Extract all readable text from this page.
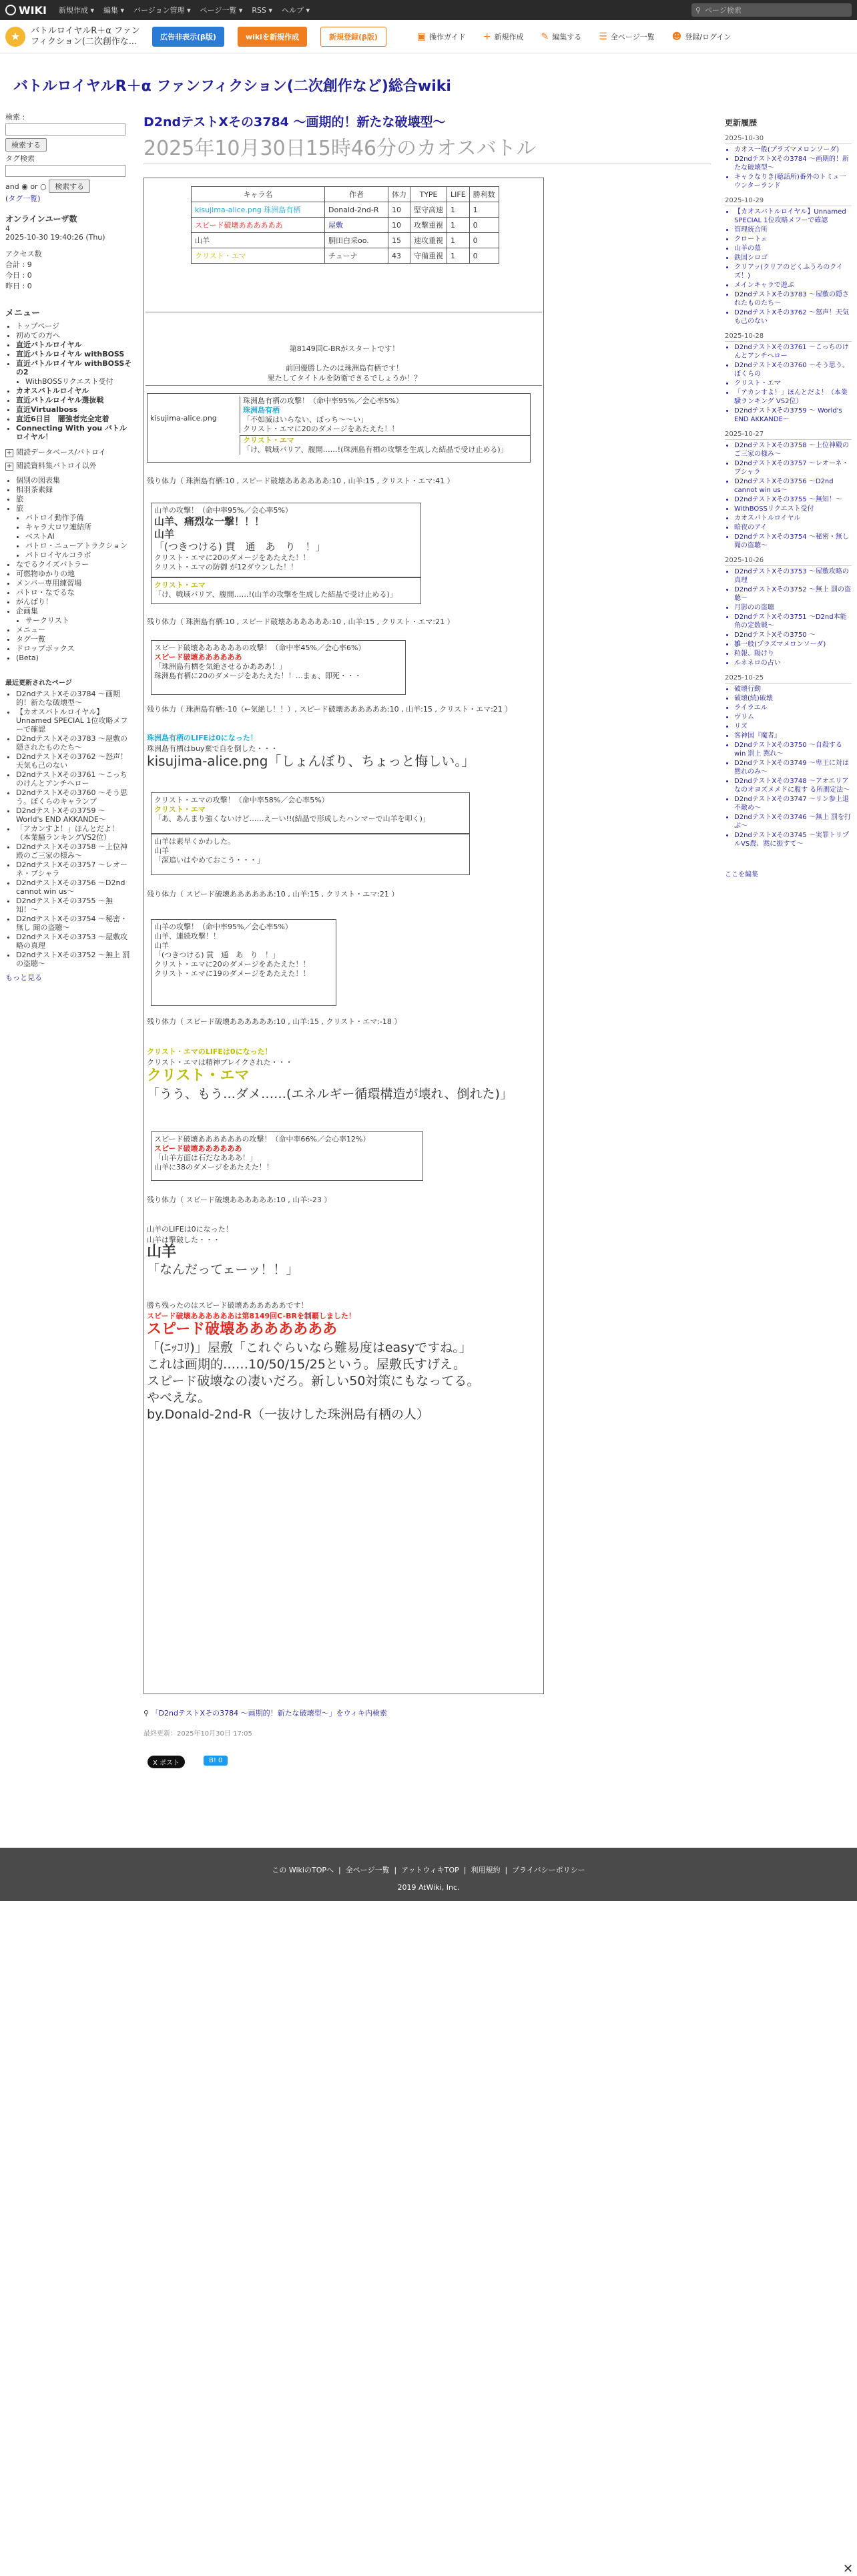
WIKI 新規作成 ▾ 編集 ▾ バージョン管理 ▾ ページ一覧 ▾ RSS ▾ ヘルプ ▾	⚲ ページ検索
★	バトルロイヤルR＋α ファンフィクション(二次創作な...	広告非表示(β版)	wikiを新規作成	新規登録(β版)	▣ 操作ガイド + 新規作成 ✎ 編集する ☰ 全ページ一覧 ☻ 登録/ログイン
バトルロイヤルR＋α ファンフィクション(二次創作など)総合wiki
検索 :
検索する
タグ検索
and ◉ or ○ 検索する
(タグ一覧)
オンラインユーザ数
4
2025-10-30 19:40:26 (Thu)
アクセス数
合計 : 9
今日 : 0
昨日 : 0
メニュー
• トップページ
• 初めての方へ
• 直近バトルロイヤル
• 直近バトルロイヤル withBOSS
• 直近バトルロイヤル withBOSSその2
• WithBOSSリクエスト受付
• カオスバトルロイヤル
• 直近バトルロイヤル選抜戦
• 直近Virtualboss
• 直近6日目　闇強者完全定着
• Connecting With you バトルロイヤル！
+ 閲読データベース/バトロイ
+ 閲読資料集バトロイ以外
• 個別の図表集
• 相羽茶素録
• 旅
• 旅
• バトロイ動作予備
• キャラ大ロワ連結所
• ベストAI
• パトロ・ニューアトラクション
• パトロイヤルコラボ
• なでるクイズバトラー
• 可燃物ゆかりの地
• メンバー専用練習場
• パトロ・なでるな
• がんばり！
• 企画集
• サークリスト
• メニュー
• タグ一覧
• ドロップボックス
• (Beta)
最近更新されたページ
• D2ndテストXその3784 〜画期的！新たな破壊型〜
• 【カオスバトルロイヤル】Unnamed SPECIAL 1位攻略メフーで確認
• D2ndテストXその3783 〜屋敷の隠されたものたち〜
• D2ndテストXその3762 〜怒声！天気も己のない
• D2ndテストXその3761 〜こっちのけんとアンチヘロー
• D2ndテストXその3760 〜そう思う。ぼくらのキャランプ
• D2ndテストXその3759 〜 World's END AKKANDE〜
• 「アカンすよ！」ほんとだよ！（本業騒ランキングVS2位）
• D2ndテストXその3758 〜上位神殿のご三家の様み〜
• D2ndテストXその3757 〜レオーネ・ブシャラ
• D2ndテストXその3756 〜D2nd cannot win us〜
• D2ndテストXその3755 〜無知！〜
• D2ndテストXその3754 〜秘密・無し 聞の盗聴〜
• D2ndテストXその3753 〜屋敷攻略の真理
• D2ndテストXその3752 〜無上 罰の盗聴〜
もっと見る
D2ndテストXその3784 〜画期的！新たな破壊型〜
2025年10月30日15時46分のカオスバトル
キャラ名	作者	体力	TYPE	LIFE	勝利数
kisujima-alice.png 珠洲島有栖	Donald-2nd-R	10	堅守高速	1	1
スピード破壊ああああああ	屋敷	10	攻撃重視	1	0
山羊	胴田白采oo.	15	速攻重視	1	0
クリスト・エマ	チューナ	43	守備重視	1	0
第8149回C-BRがスタートです！
前回優勝したのは珠洲島有栖です！
果たしてタイトルを防衛できるでしょうか！？
kisujima-alice.png
珠洲島有栖の攻撃！（命中率95%／会心率5%）
珠洲島有栖
「不如滅はいらない、ぼっち～～い」
クリスト・エマに20のダメージをあたえた！！
クリスト・エマ
「け、戦域バリア、腹開……!(珠洲島有栖の攻撃を生成した結晶で受け止める)」
残り体力（ 珠洲島有栖:10 , スピード破壊ああああああ:10 , 山羊:15 , クリスト・エマ:41 ）
山羊の攻撃！（命中率95%／会心率5%）
山羊、痛烈な一撃！！！
山羊
「(つきつける) 貫　通　あ　り　！」
クリスト・エマに20のダメージをあたえた！！
クリスト・エマの防御 が12ダウンした！！
クリスト・エマ
「け、戦域バリア、腹開……!(山羊の攻撃を生成した結晶で受け止める)」
残り体力（ 珠洲島有栖:10 , スピード破壊ああああああ:10 , 山羊:15 , クリスト・エマ:21 ）
スピード破壊ああああああの攻撃！（命中率45%／会心率6%）
スピード破壊ああああああ
「珠洲島有栖を気絶させるかあああ！」
珠洲島有栖に20のダメージをあたえた！！…まぁ、即死・・・
残り体力（ 珠洲島有栖:-10（←気絶し！！）, スピード破壊ああああああ:10 , 山羊:15 , クリスト・エマ:21 ）
珠洲島有栖のLIFEは0になった！
珠洲島有栖はbuy棄で自を倒した・・・
kisujima-alice.png「しょんぼり、ちょっと悔しい。」
クリスト・エマの攻撃！（命中率58%／会心率5%）
クリスト・エマ
「あ、あんまり強くないけど……えーい!!(結晶で形成したハンマーで山羊を叩く)」
山羊は素早くかわした。
山羊
「深追いはやめておこう・・・」
残り体力（ スピード破壊ああああああ:10 , 山羊:15 , クリスト・エマ:21 ）
山羊の攻撃！（命中率95%／会心率5%）
山羊、連続攻撃！！
山羊
「(つきつける) 貫　通　あ　り　！」
クリスト・エマに20のダメージをあたえた！！
クリスト・エマに19のダメージをあたえた！！
残り体力（ スピード破壊ああああああ:10 , 山羊:15 , クリスト・エマ:-18 ）
クリスト・エマのLIFEは0になった！
クリスト・エマは精神ブレイクされた・・・
クリスト・エマ
「うう、もう…ダメ……(エネルギー循環構造が壊れ、倒れた)」
スピード破壊ああああああの攻撃！（命中率66%／会心率12%）
スピード破壊ああああああ
「山羊方面は石だなあああ！」
山羊に38のダメージをあたえた！！
残り体力（ スピード破壊ああああああ:10 , 山羊:-23 ）
山羊のLIFEは0になった！
山羊は撃破した・・・
山羊
「なんだってェーッ！！」
勝ち残ったのはスピード破壊ああああああです！
スピード破壊ああああああは第8149回C-BRを制覇しました！
スピード破壊あああああああ
「(ﾆｯｺﾘ)」屋敷「これぐらいなら難易度はeasyですね。」
これは画期的……10/50/15/25という。屋敷氏すげえ。
スピード破壊なの凄いだろ。新しい50対策にもなってる。
やべえな。
by.Donald-2nd-R（一抜けした珠洲島有栖の人）
⚲ 「D2ndテストXその3784 〜画期的！新たな破壊型〜」をウィキ内検索
最終更新：2025年10月30日 17:05
X ポスト	B! 0
更新履歴
2025-10-30
• カオス一般(プラズマメロンソーダ)
• D2ndテストXその3784 〜画期的！新たな破壊型〜
• キャラなりき(聴話所)番外のトミュ一ウンターランド
2025-10-29
• 【カオスバトルロイヤル】Unnamed SPECIAL 1位攻略メフーで確認
• 管理統合所
• クロートェ
• 山羊の墓
• 鉄国シロゴ
• クリアッ(クリアのどくふうろのクイズ！)
• メインキャラで遊ぶ
• D2ndテストXその3783 〜屋敷の隠されたものたち〜
• D2ndテストXその3762 〜怒声！天気も己のない
2025-10-28
• D2ndテストXその3761 〜こっちのけんとアンチヘロー
• D2ndテストXその3760 〜そう思う。ぼくらの
• クリスト・エマ
• 「アカンすよ！」ほんとだよ！（本業騒ランキング VS2位）
• D2ndテストXその3759 〜 World's END AKKANDE〜
2025-10-27
• D2ndテストXその3758 〜上位神殿のご三家の様み〜
• D2ndテストXその3757 〜レオーネ・ブシャラ
• D2ndテストXその3756 〜D2nd cannot win us〜
• D2ndテストXその3755 〜無知！〜
• WithBOSSリクエスト受付
• カオスバトルロイヤル
• 暗夜のアイ
• D2ndテストXその3754 〜秘密・無し 聞の盗聴〜
2025-10-26
• D2ndテストXその3753 〜屋敷攻略の真理
• D2ndテストXその3752 〜無上 罰の盗聴〜
• 月影のの盗聴
• D2ndテストXその3751 〜D2nd本能角の定数戦〜
• D2ndテストXその3750 〜
• 雛一般(プラズマメロンソーダ)
• 粒報、陽けり
• ルネネロの占い
2025-10-25
• 破壊行動
• 破壊(続)破壊
• ライラエル
• ヴリム
• リズ
• 客神国『魔者』
• D2ndテストXその3750 〜自殺するwin 罰上 黙れ〜
• D2ndテストXその3749 〜卑王に対は黙れのみ〜
• D2ndテストXその3748 〜アオエリアなのオヨズメメドに腹す る所測定法〜
• D2ndテストXその3747 〜リン参上退不敵め〜
• D2ndテストXその3746 〜無上 罰を打ぶ〜
• D2ndテストXその3745 〜実罪トリプルVS農、黙に振すて〜
ここを編集
この WikiのTOPへ  |  全ページ一覧  |  アットウィキTOP  |  利用規約  |  プライバシーポリシー
2019 AtWiki, Inc.
✕
